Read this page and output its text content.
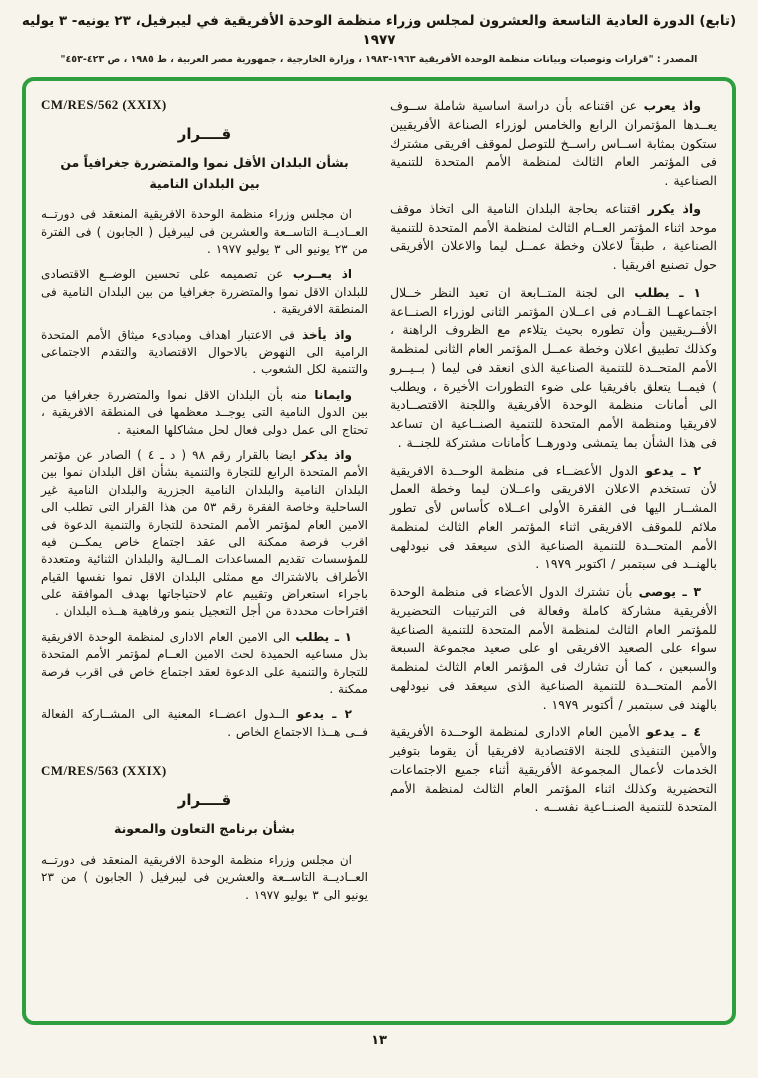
(تابع) الدورة العادية التاسعة والعشرون لمجلس وزراء منظمة الوحدة الأفريقية في ليبرفيل، ٢٣ يونيه- ٣ يوليه ١٩٧٧
المصدر : "قرارات وتوصيات وبيانات منظمة الوحدة الأفريقية ١٩٦٣-١٩٨٣ ، وزارة الخارجية ، جمهورية مصر العربية ، ط ١٩٨٥ ، ص ٤٢٣-٤٥٣"

واذ يعرب عن اقتناعه بأن دراسة اساسية شاملة ســوف يعــدها المؤتمران الرابع والخامس لوزراء الصناعة الأفريقيين ستكون بمثابة اســاس راســخ للتوصل لموقف افريقى مشترك فى المؤتمر العام الثالث لمنظمة الأمم المتحدة للتنمية الصناعية .

واذ يكرر اقتناعه بحاجة البلدان النامية الى اتخاذ موقف موحد اثناء المؤتمر العــام الثالث لمنظمة الأمم المتحدة للتنمية الصناعية ، طبقاً لاعلان وخطة عمــل ليما والاعلان الأفريقى حول تصنيع افريقيا .

١ ـ يطلب الى لجنة المتــابعة ان تعيد النظر خــلال اجتماعهــا القــادم فى اعــلان المؤتمر الثانى لوزراء الصنــاعة الأفــريقيين وأن تطوره بحيث يتلاءم مع الظروف الراهنة ، وكذلك تطبيق اعلان وخطة عمــل المؤتمر العام الثانى لمنظمة الأمم المتحــدة للتنمية الصناعية الذى انعقد فى ليما ( بــيــرو ) فيمــا يتعلق بافريقيا على ضوء التطورات الأخيرة ، ويطلب الى أمانات منظمة الوحدة الأفريقية واللجنة الاقتصــادية لافريقيا ومنظمة الأمم المتحدة للتنمية الصنــاعية ان تساعد فى هذا الشأن بما يتمشى ودورهــا كأمانات مشتركة للجنــة .

٢ ـ يدعو الدول الأعضــاء فى منظمة الوحــدة الافريقية لأن تستخدم الاعلان الافريقى واعــلان ليما وخطة العمل المشــار اليها فى الفقرة الأولى اعــلاه كأساس لأى تطور ملائم للموقف الافريقى اثناء المؤتمر العام الثالث لمنظمة الأمم المتحــدة للتنمية الصناعية الذى سيعقد فى نيودلهى بالهنــد فى سبتمبر / اكتوبر ١٩٧٩ .

٣ ـ يوصى بأن تشترك الدول الأعضاء فى منظمة الوحدة الأفريقية مشاركة كاملة وفعالة فى الترتيبات التحضيرية للمؤتمر العام الثالث لمنظمة الأمم المتحدة للتنمية الصناعية سواء على الصعيد الافريقى او على صعيد مجموعة السبعة والسبعين ، كما أن تشارك فى المؤتمر العام الثالث لمنظمة الأمم المتحــدة للتنمية الصناعية الذى سيعقد فى نيودلهى بالهند فى سبتمبر / أكتوبر ١٩٧٩ .

٤ ـ يدعو الأمين العام الادارى لمنظمة الوحــدة الأفريقية والأمين التنفيذى للجنة الاقتصادية لافريقيا أن يقوما بتوفير الخدمات لأعمال المجموعة الأفريقية أثناء جميع الاجتماعات التحضيرية وكذلك اثناء المؤتمر العام الثالث لمنظمة الأمم المتحدة للتنمية الصنــاعية نفســه .

CM/RES/562 (XXIX)
قــــرار
بشأن البلدان الأقل نموا والمتضررة جغرافياً من بين البلدان النامية

ان مجلس وزراء منظمة الوحدة الافريقية المنعقد فى دورتــه العــاديــة التاســعة والعشرين فى ليبرفيل ( الجابون ) فى الفترة من ٢٣ يونيو الى ٣ يوليو ١٩٧٧ .

اذ يعــرب عن تصميمه على تحسين الوضــع الاقتصادى للبلدان الاقل نموا والمتضررة جغرافيا من بين البلدان النامية فى المنطقة الافريقية .

واذ يأخذ فى الاعتبار اهداف ومبادىء ميثاق الأمم المتحدة الرامية الى النهوض بالاحوال الاقتصادية والتقدم الاجتماعى والتنمية لكل الشعوب .

وايمانا منه بأن البلدان الاقل نموا والمتضررة جغرافيا من بين الدول النامية التى يوجــد معظمها فى المنطقة الافريقية ، تحتاج الى عمل دولى فعال لحل مشاكلها المعنية .

واذ يذكر ايضا بالقرار رقم ٩٨ ( د ـ ٤ ) الصادر عن مؤتمر الأمم المتحدة الرابع للتجارة والتنمية بشأن اقل البلدان نموا بين البلدان النامية والبلدان النامية الجزرية والبلدان النامية غير الساحلية وخاصة الفقرة رقم ٥٣ من هذا القرار التى تطلب الى الامين العام لمؤتمر الأمم المتحدة للتجارة والتنمية الدعوة فى اقرب فرصة ممكنة الى عقد اجتماع خاص يمكــن فيه للمؤسسات تقديم المساعدات المــالية والبلدان الثنائية ومتعددة الأطراف بالاشتراك مع ممثلى البلدان الاقل نموا نفسها القيام باجراء استعراض وتقييم عام لاحتياجاتها بهدف الموافقة على اقتراحات محددة من أجل التعجيل بنمو ورفاهية هــذه البلدان .

١ ـ يطلب الى الامين العام الادارى لمنظمة الوحدة الافريقية بذل مساعيه الحميدة لحث الامين العــام لمؤتمر الأمم المتحدة للتجارة والتنمية على الدعوة لعقد اجتماع خاص فى اقرب فرصة ممكنة .

٢ ـ يدعو الــدول اعضــاء المعنية الى المشــاركة الفعالة فــى هــذا الاجتماع الخاص .

CM/RES/563 (XXIX)
قــــرار
بشأن برنامج التعاون والمعونة

ان مجلس وزراء منظمة الوحدة الافريقية المنعقد فى دورتــه العــاديــة التاســعة والعشرين فى ليبرفيل ( الجابون ) من ٢٣ يونيو الى ٣ يوليو ١٩٧٧ .

١٣
